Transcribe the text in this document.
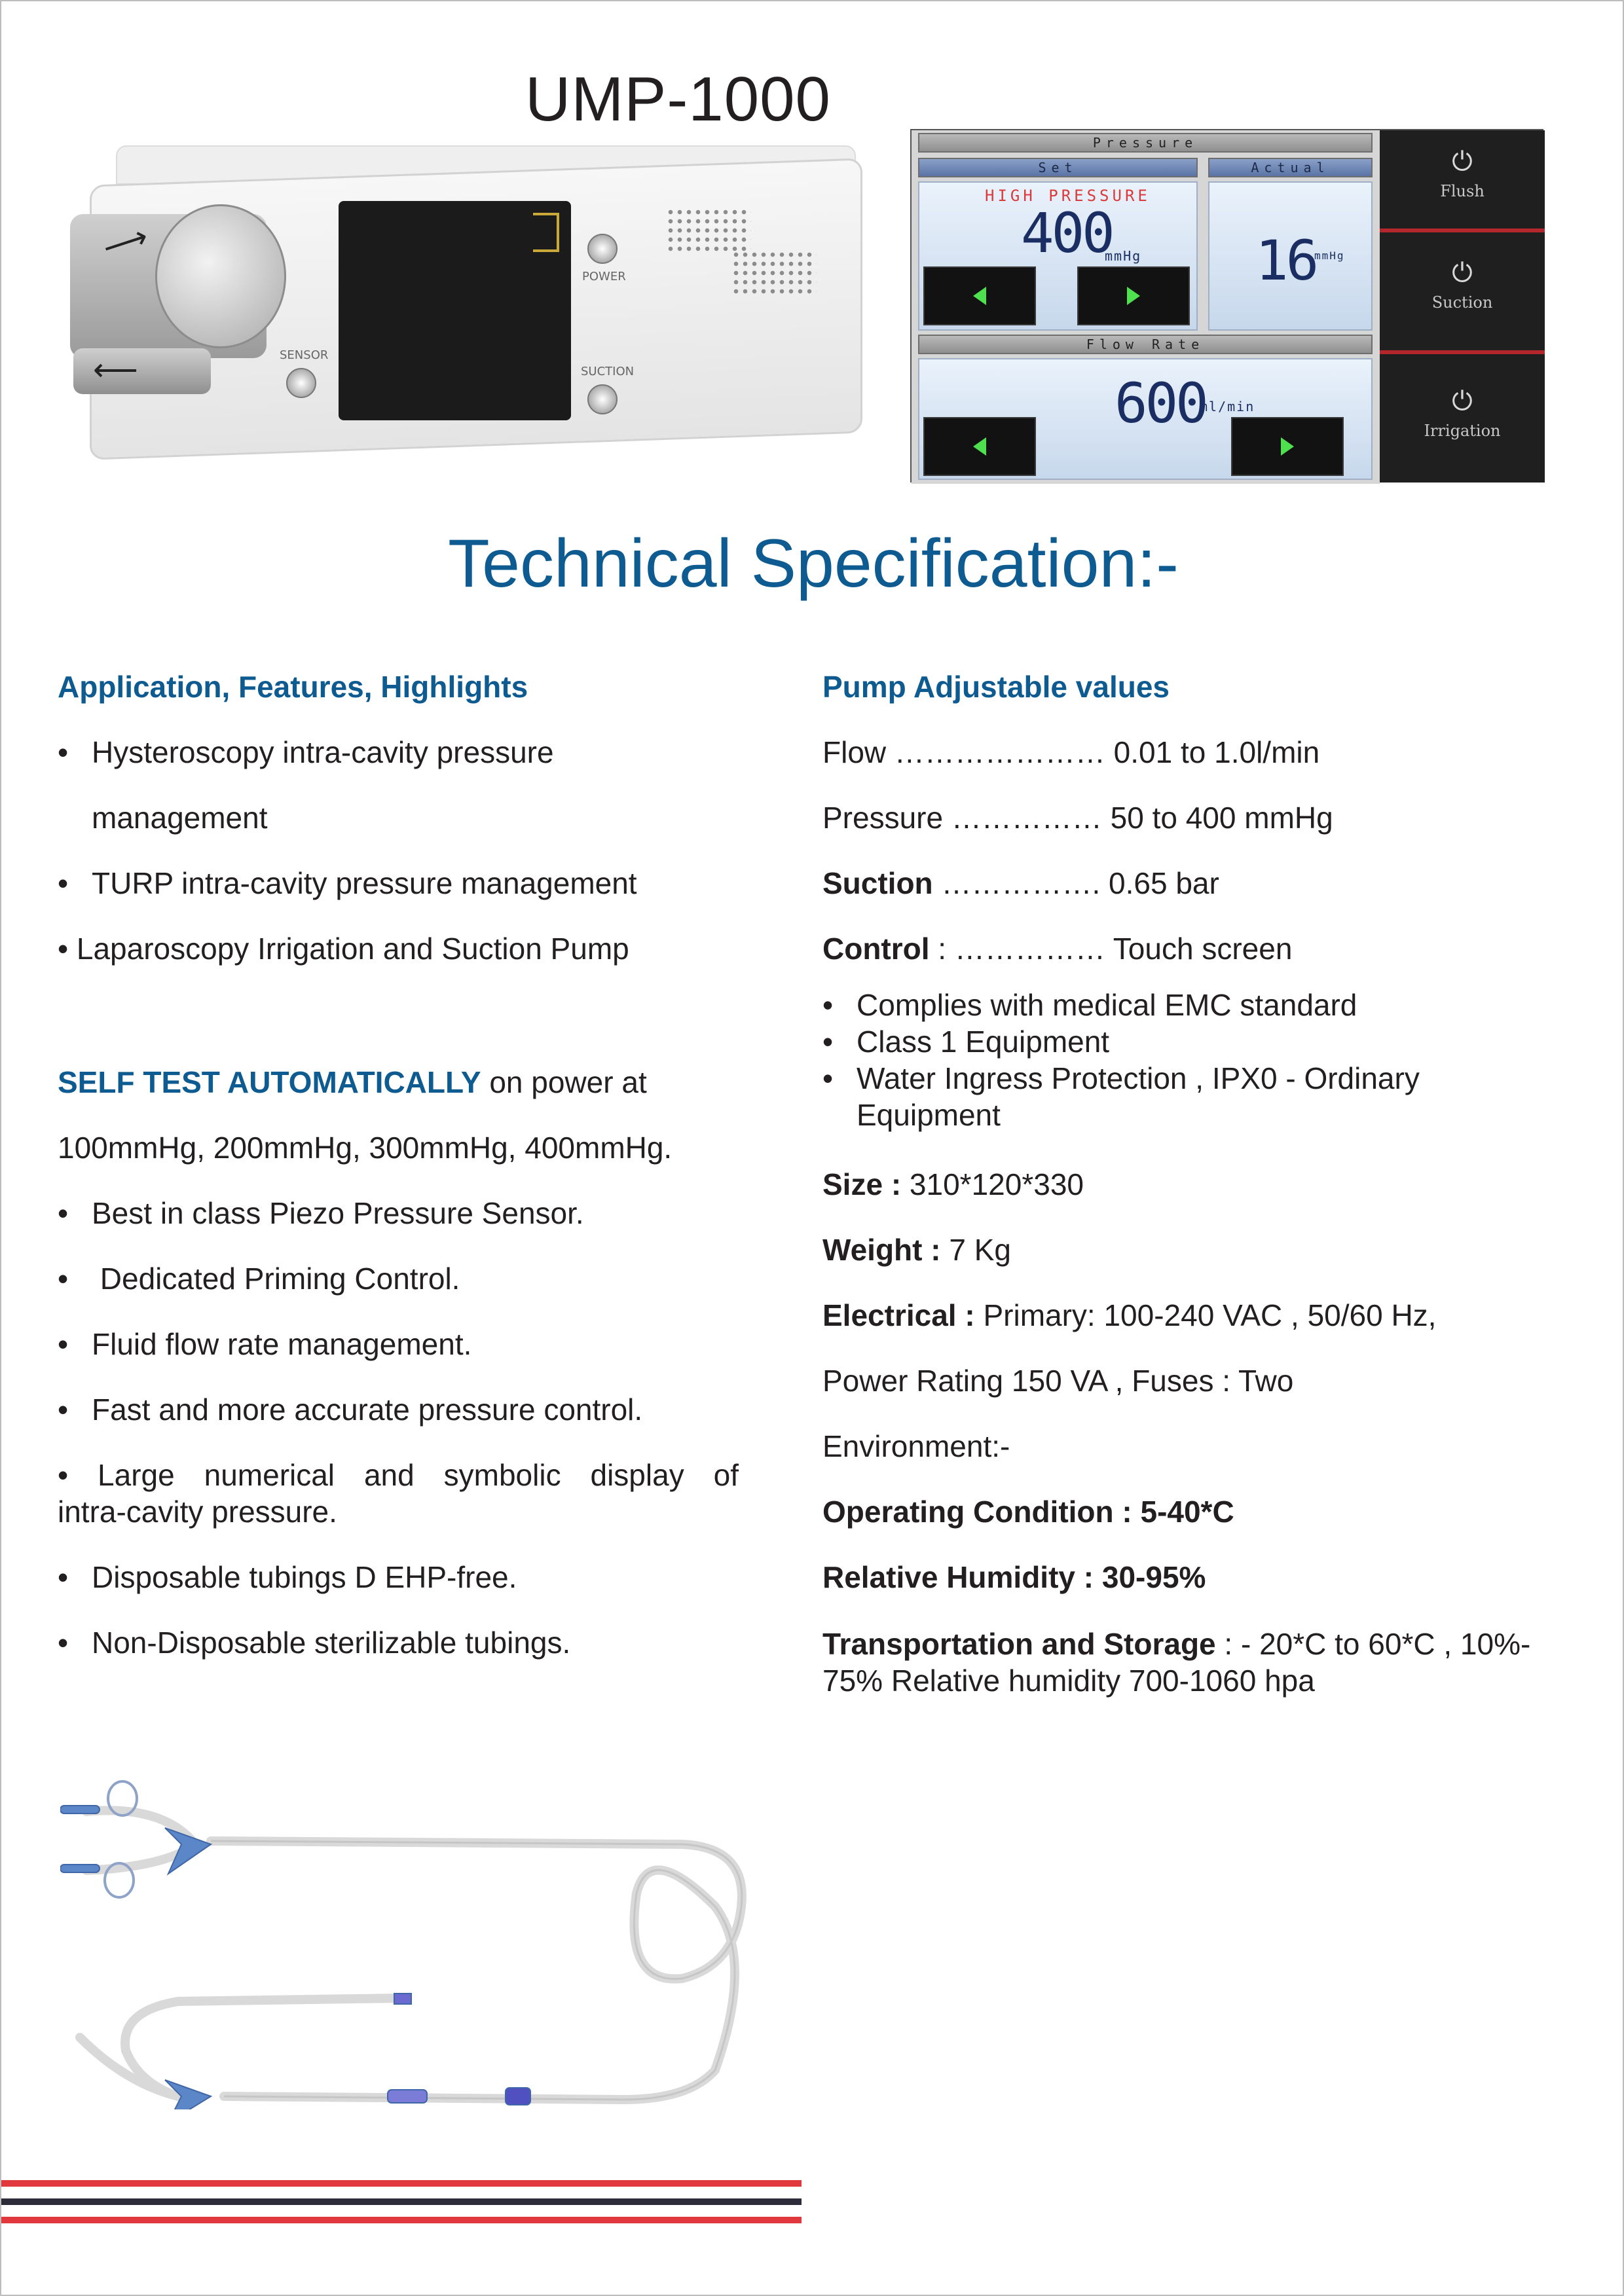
UMP-1000
⟶
⟵
POWER
SENSOR
SUCTION
Pressure
Set	Actual
HIGH PRESSURE
400
mmHg 16
mmHg
Flow Rate
600
ml/min
⏻
Flush
⏻
Suction
⏻
Irrigation
Technical Specification:-
Application, Features, Highlights
• Hysteroscopy intra-cavity pressure
management
• TURP intra-cavity pressure management
• Laparoscopy Irrigation and Suction Pump
SELF TEST AUTOMATICALLY on power at
100mmHg, 200mmHg, 300mmHg, 400mmHg.
• Best in class Piezo Pressure Sensor.
• Dedicated Priming Control.
• Fluid flow rate management.
• Fast and more accurate pressure control.
• Large numerical and symbolic display of
intra-cavity pressure.
• Disposable tubings D EHP-free.
• Non-Disposable sterilizable tubings.
Pump Adjustable values
Flow ………………… 0.01 to 1.0l/min
Pressure …………… 50 to 400 mmHg
Suction ……………. 0.65 bar
Control : …………… Touch screen
• Complies with medical EMC standard
• Class 1 Equipment
• Water Ingress Protection , IPX0 - Ordinary
Equipment
Size : 310*120*330
Weight : 7 Kg
Electrical : Primary: 100-240 VAC , 50/60 Hz,
Power Rating 150 VA , Fuses : Two
Environment:-
Operating Condition : 5-40*C
Relative Humidity : 30-95%
Transportation and Storage : - 20*C to 60*C , 10%-
75% Relative humidity 700-1060 hpa
